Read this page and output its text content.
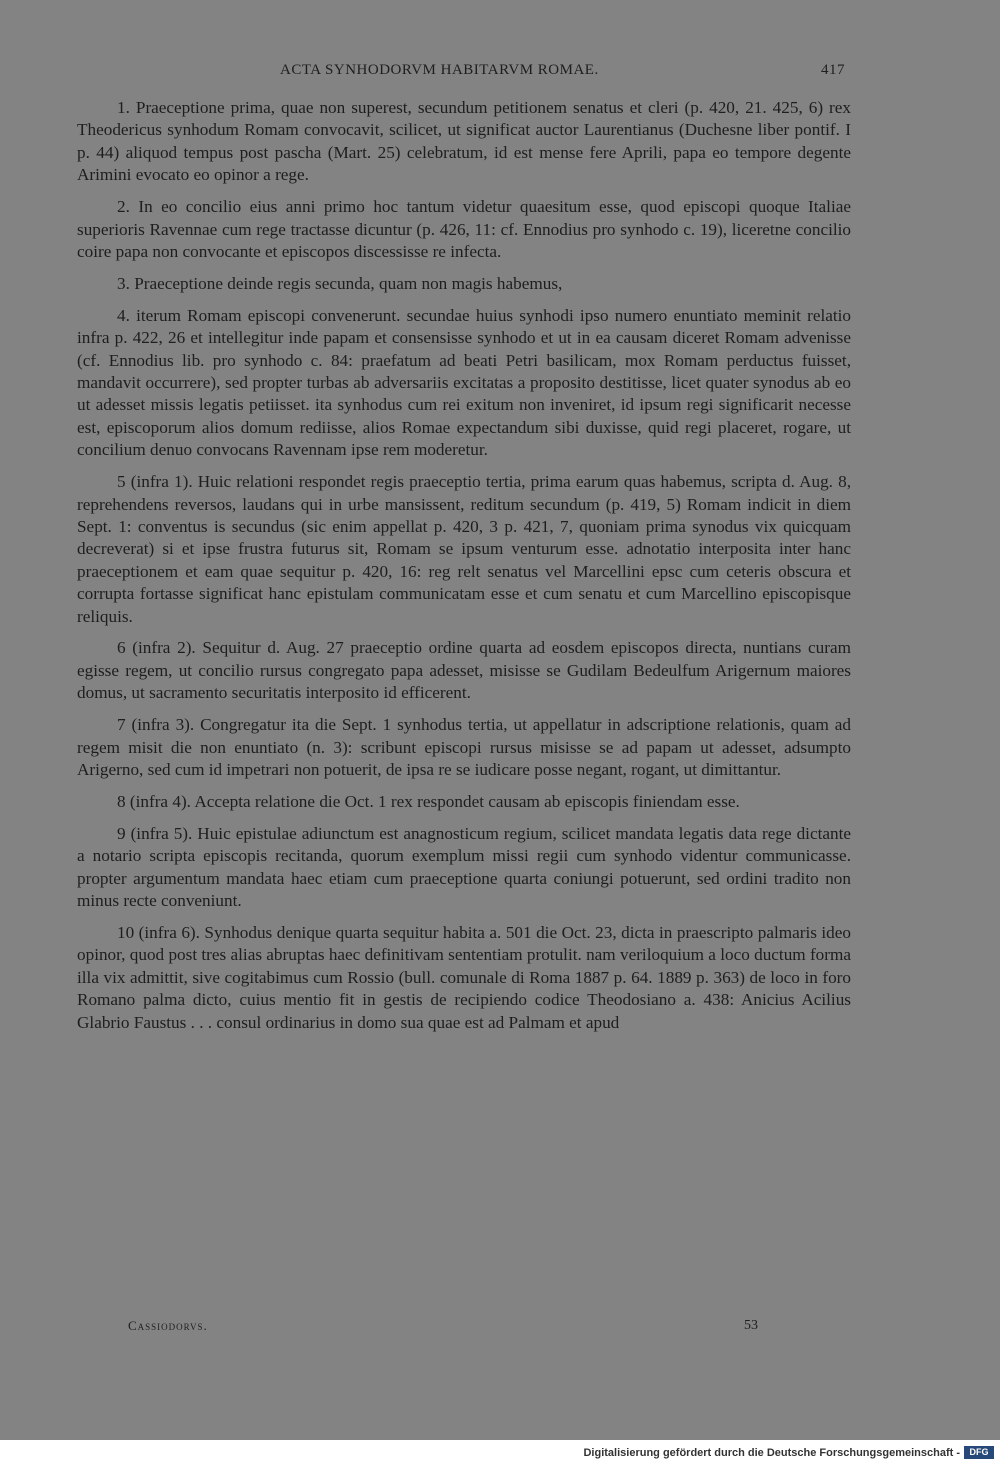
ACTA SYNHODORVM HABITARVM ROMAE.	417

1. Praeceptione prima, quae non superest, secundum petitionem senatus et cleri (p. 420, 21. 425, 6) rex Theodericus synhodum Romam convocavit, scilicet, ut significat auctor Laurentianus (Duchesne liber pontif. I p. 44) aliquod tempus post pascha (Mart. 25) celebratum, id est mense fere Aprili, papa eo tempore degente Arimini evocato eo opinor a rege.

2. In eo concilio eius anni primo hoc tantum videtur quaesitum esse, quod episcopi quoque Italiae superioris Ravennae cum rege tractasse dicuntur (p. 426, 11: cf. Ennodius pro synhodo c. 19), liceretne concilio coire papa non convocante et episcopos discessisse re infecta.

3. Praeceptione deinde regis secunda, quam non magis habemus,

4. iterum Romam episcopi convenerunt. secundae huius synhodi ipso numero enuntiato meminit relatio infra p. 422, 26 et intellegitur inde papam et consensisse synhodo et ut in ea causam diceret Romam advenisse (cf. Ennodius lib. pro synhodo c. 84: praefatum ad beati Petri basilicam, mox Romam perductus fuisset, mandavit occurrere), sed propter turbas ab adversariis excitatas a proposito destitisse, licet quater synodus ab eo ut adesset missis legatis petiisset. ita synhodus cum rei exitum non inveniret, id ipsum regi significarit necesse est, episcoporum alios domum rediisse, alios Romae expectandum sibi duxisse, quid regi placeret, rogare, ut concilium denuo convocans Ravennam ipse rem moderetur.

5 (infra 1). Huic relationi respondet regis praeceptio tertia, prima earum quas habemus, scripta d. Aug. 8, reprehendens reversos, laudans qui in urbe mansissent, reditum secundum (p. 419, 5) Romam indicit in diem Sept. 1: conventus is secundus (sic enim appellat p. 420, 3 p. 421, 7, quoniam prima synodus vix quicquam decreverat) si et ipse frustra futurus sit, Romam se ipsum venturum esse. adnotatio interposita inter hanc praeceptionem et eam quae sequitur p. 420, 16: reg relt senatus vel Marcellini epsc cum ceteris obscura et corrupta fortasse significat hanc epistulam communicatam esse et cum senatu et cum Marcellino episcopisque reliquis.

6 (infra 2). Sequitur d. Aug. 27 praeceptio ordine quarta ad eosdem episcopos directa, nuntians curam egisse regem, ut concilio rursus congregato papa adesset, misisse se Gudilam Bedeulfum Arigernum maiores domus, ut sacramento securitatis interposito id efficerent.

7 (infra 3). Congregatur ita die Sept. 1 synhodus tertia, ut appellatur in adscriptione relationis, quam ad regem misit die non enuntiato (n. 3): scribunt episcopi rursus misisse se ad papam ut adesset, adsumpto Arigerno, sed cum id impetrari non potuerit, de ipsa re se iudicare posse negant, rogant, ut dimittantur.

8 (infra 4). Accepta relatione die Oct. 1 rex respondet causam ab episcopis finiendam esse.

9 (infra 5). Huic epistulae adiunctum est anagnosticum regium, scilicet mandata legatis data rege dictante a notario scripta episcopis recitanda, quorum exemplum missi regii cum synhodo videntur communicasse. propter argumentum mandata haec etiam cum praeceptione quarta coniungi potuerunt, sed ordini tradito non minus recte conveniunt.

10 (infra 6). Synhodus denique quarta sequitur habita a. 501 die Oct. 23, dicta in praescripto palmaris ideo opinor, quod post tres alias abruptas haec definitivam sententiam protulit. nam veriloquium a loco ductum forma illa vix admittit, sive cogitabimus cum Rossio (bull. comunale di Roma 1887 p. 64. 1889 p. 363) de loco in foro Romano palma dicto, cuius mentio fit in gestis de recipiendo codice Theodosiano a. 438: Anicius Acilius Glabrio Faustus . . . consul ordinarius in domo sua quae est ad Palmam et apud

Cassiodorvs.	53
Digitalisierung gefördert durch die Deutsche Forschungsgemeinschaft -	DFG
